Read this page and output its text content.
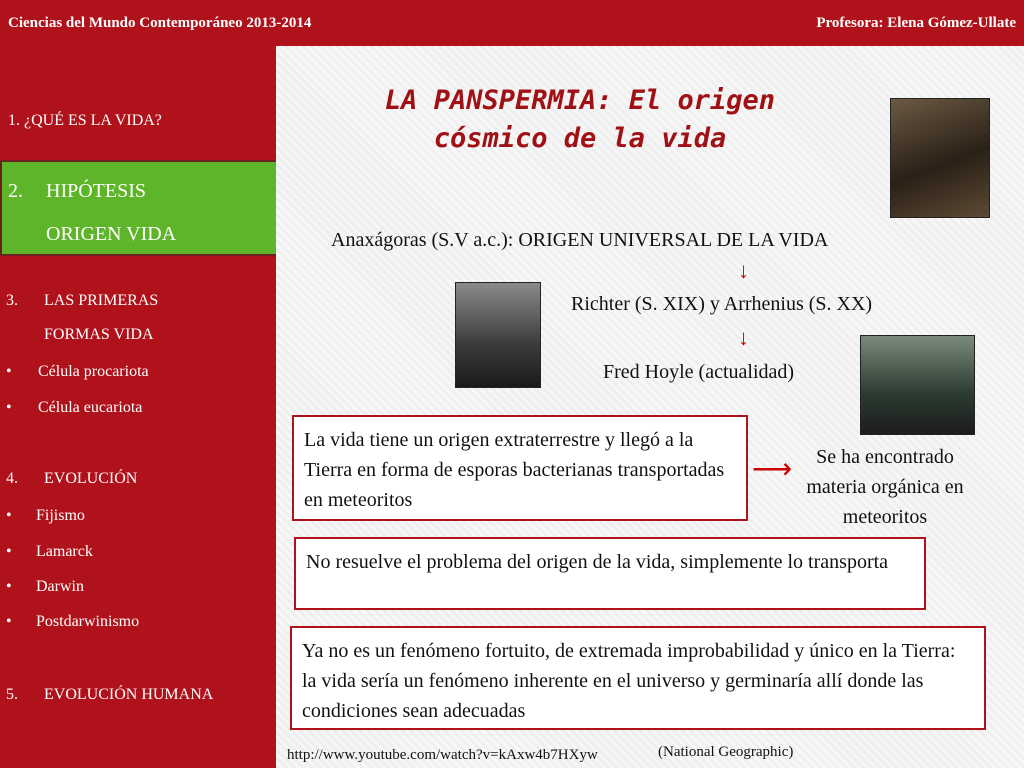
Ciencias del Mundo Contemporáneo 2013-2014	Profesora: Elena Gómez-Ullate
1. ¿QUÉ ES LA VIDA?
2. HIPÓTESIS
ORIGEN VIDA
3. LAS PRIMERAS
FORMAS VIDA
• Célula procariota
• Célula eucariota
4. EVOLUCIÓN
• Fijismo
• Lamarck
• Darwin
• Postdarwinismo
5. EVOLUCIÓN HUMANA
LA PANSPERMIA: El origen
cósmico de la vida
Anaxágoras (S.V a.c.): ORIGEN UNIVERSAL DE LA VIDA
↓
Richter (S. XIX) y Arrhenius (S. XX)
↓
Fred Hoyle (actualidad)
La vida tiene un origen extraterrestre y llegó a la Tierra en forma de esporas bacterianas transportadas en meteoritos
⟶	Se ha encontrado materia orgánica en meteoritos
No resuelve el problema del origen de la vida, simplemente lo transporta
Ya no es un fenómeno fortuito, de extremada improbabilidad y único en la Tierra: la vida sería un fenómeno inherente en el universo y germinaría allí donde las condiciones sean adecuadas
http://www.youtube.com/watch?v=kAxw4b7HXyw	(National Geographic)
